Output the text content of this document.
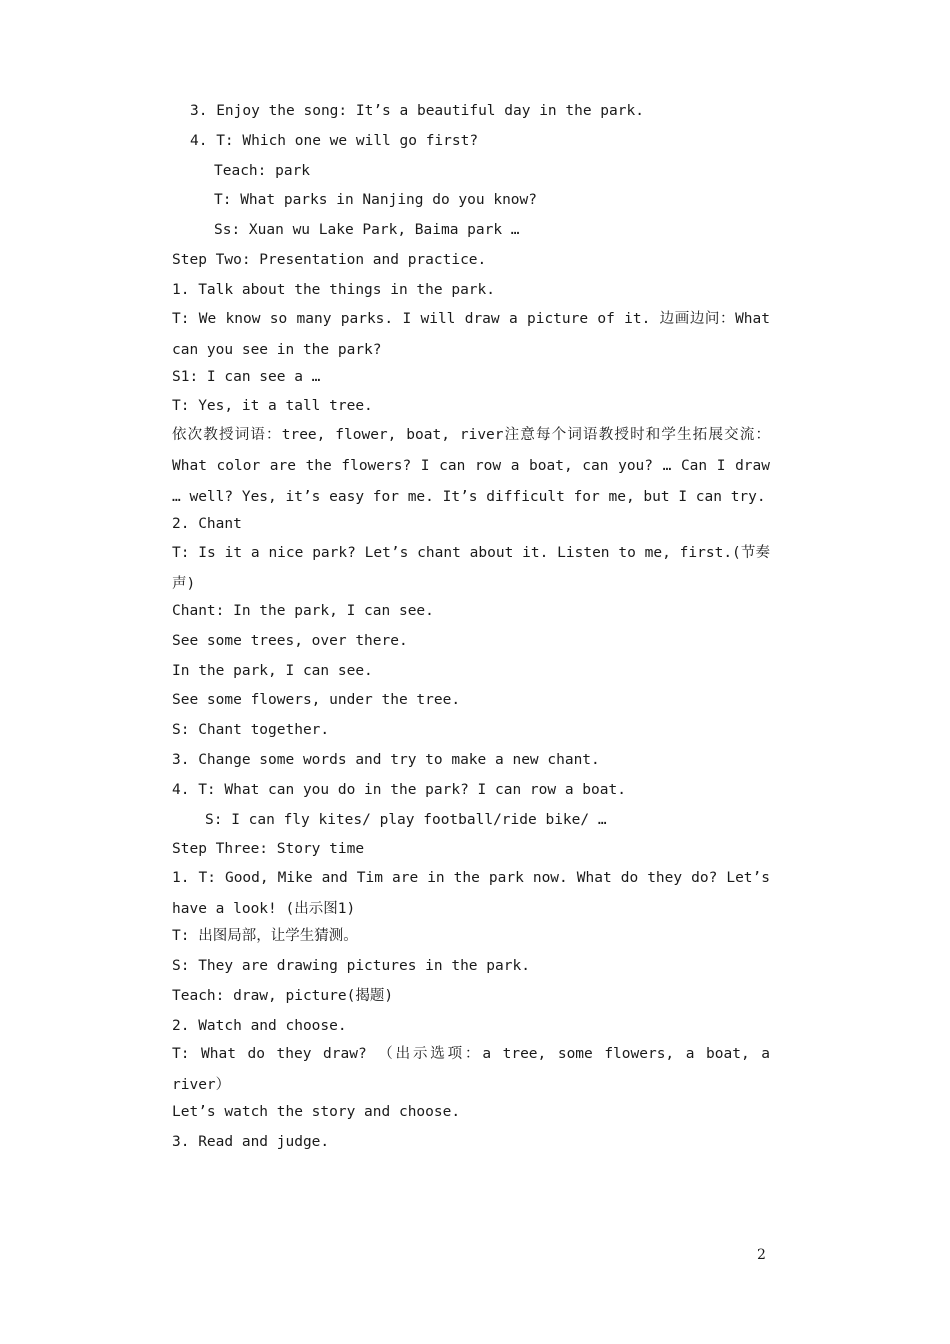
3. Enjoy the song: It’s a beautiful day in the park.
4. T: Which one we will go first?
Teach: park
T: What parks in Nanjing do you know?
Ss: Xuan wu Lake Park, Baima park …
Step Two: Presentation and practice.
1. Talk about the things in the park.
T: We know so many parks. I will draw a picture of it. 边画边问：What can you see in the park?
S1: I can see a …
T: Yes, it a tall tree.
依次教授词语：tree, flower, boat, river注意每个词语教授时和学生拓展交流：What color are the flowers? I can row a boat, can you? … Can I draw … well? Yes, it’s easy for me. It’s difficult for me, but I can try.
2. Chant
T: Is it a nice park? Let’s chant about it. Listen to me, first.(节奏声)
Chant: In the park, I can see.
See some trees, over there.
In the park, I can see.
See some flowers, under the tree.
S: Chant together.
3. Change some words and try to make a new chant.
4. T: What can you do in the park? I can row a boat.
S: I can fly kites/ play football/ride bike/ …
Step Three: Story time
1. T: Good, Mike and Tim are in the park now. What do they do? Let’s have a look! (出示图1)
T: 出图局部，让学生猜测。
S: They are drawing pictures in the park.
Teach: draw, picture(揭题)
2. Watch and choose.
T: What do they draw? （出示选项：a tree, some flowers, a boat, a river）
Let’s watch the story and choose.
3. Read and judge.
2
